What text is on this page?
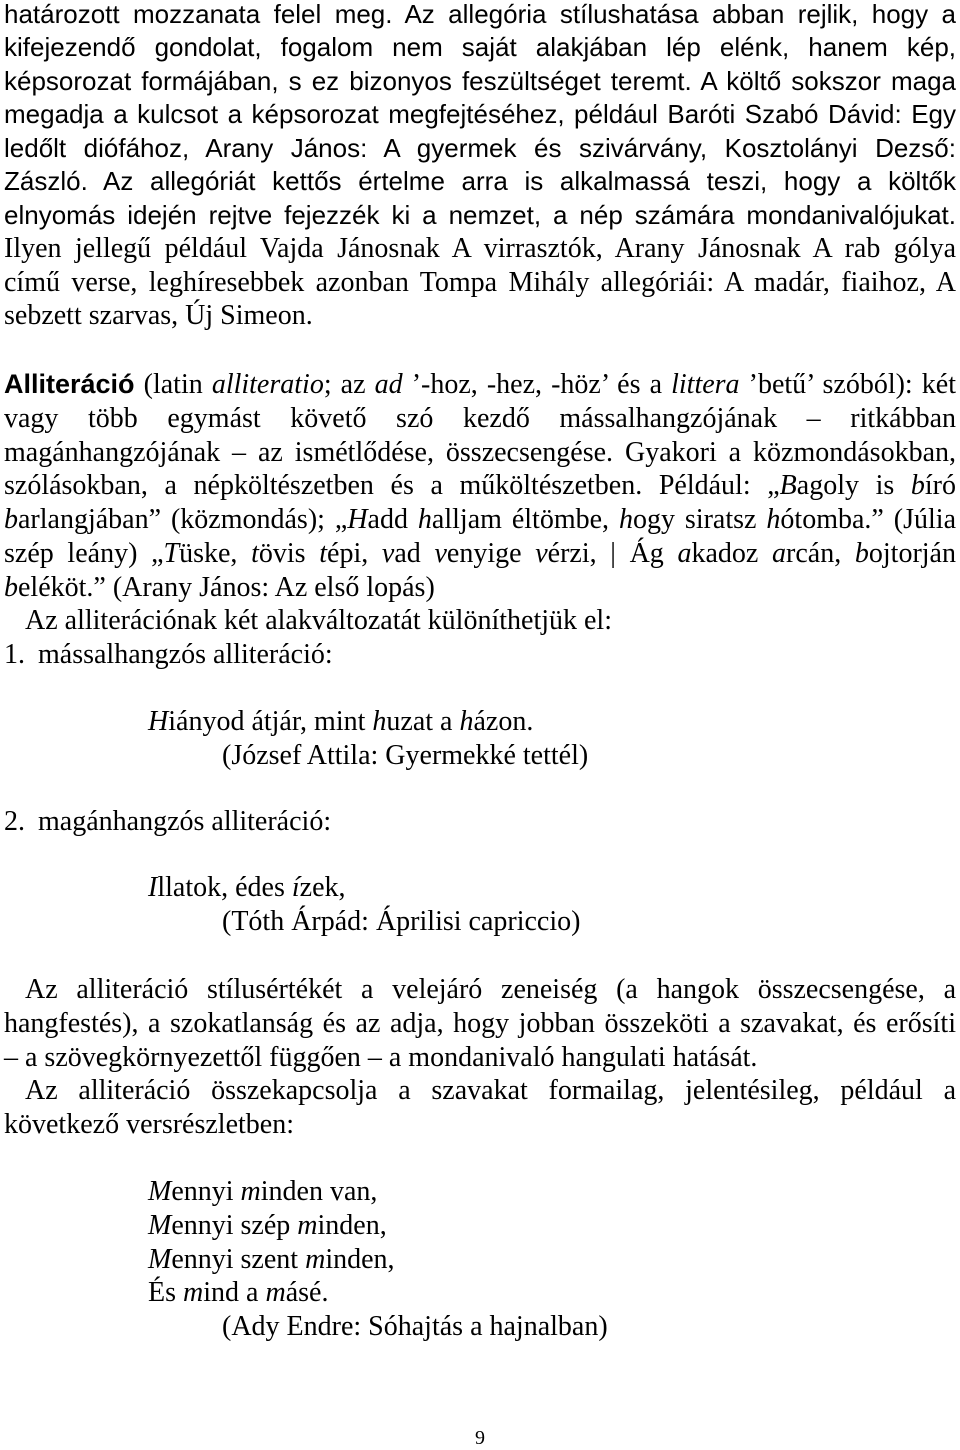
határozott mozzanata felel meg. Az allegória stílushatása abban rejlik, hogy a
kifejezendő gondolat, fogalom nem saját alakjában lép elénk, hanem kép,
képsorozat formájában, s ez bizonyos feszültséget teremt. A költő sokszor maga
megadja a kulcsot a képsorozat megfejtéséhez, például Baróti Szabó Dávid: Egy
ledőlt diófához, Arany János: A gyermek és szivárvány, Kosztolányi Dezső:
Zászló. Az allegóriát kettős értelme arra is alkalmassá teszi, hogy a költők
elnyomás idején rejtve fejezzék ki a nemzet, a nép számára mondanivalójukat.
Ilyen jellegű például Vajda Jánosnak A virrasztók, Arany Jánosnak A rab gólya
című verse, leghíresebbek azonban Tompa Mihály allegóriái: A madár, fiaihoz, A
sebzett szarvas, Új Simeon.
Alliteráció (latin alliteratio; az ad ’-hoz, -hez, -höz’ és a littera ’betű’ szóból): két
vagy több egymást követő szó kezdő mássalhangzójának – ritkábban
magánhangzójának – az ismétlődése, összecsengése. Gyakori a közmondásokban,
szólásokban, a népköltészetben és a műköltészetben. Például: „Bagoly is bíró
barlangjában” (közmondás); „Hadd halljam éltömbe, hogy siratsz hótomba.” (Júlia
szép leány) „Tüske, tövis tépi, vad venyige vérzi, | Ág akadoz arcán, bojtorján
beléköt.” (Arany János: Az első lopás)
Az alliterációnak két alakváltozatát különíthetjük el:
1. mássalhangzós alliteráció:
Hiányod átjár, mint huzat a házon.
(József Attila: Gyermekké tettél)
2. magánhangzós alliteráció:
Illatok, édes ízek,
(Tóth Árpád: Áprilisi capriccio)
Az alliteráció stílusértékét a velejáró zeneiség (a hangok összecsengése, a
hangfestés), a szokatlanság és az adja, hogy jobban összeköti a szavakat, és erősíti
– a szövegkörnyezettől függően – a mondanivaló hangulati hatását.
Az alliteráció összekapcsolja a szavakat formailag, jelentésileg, például a
következő versrészletben:
Mennyi minden van,
Mennyi szép minden,
Mennyi szent minden,
És mind a másé.
(Ady Endre: Sóhajtás a hajnalban)
9
